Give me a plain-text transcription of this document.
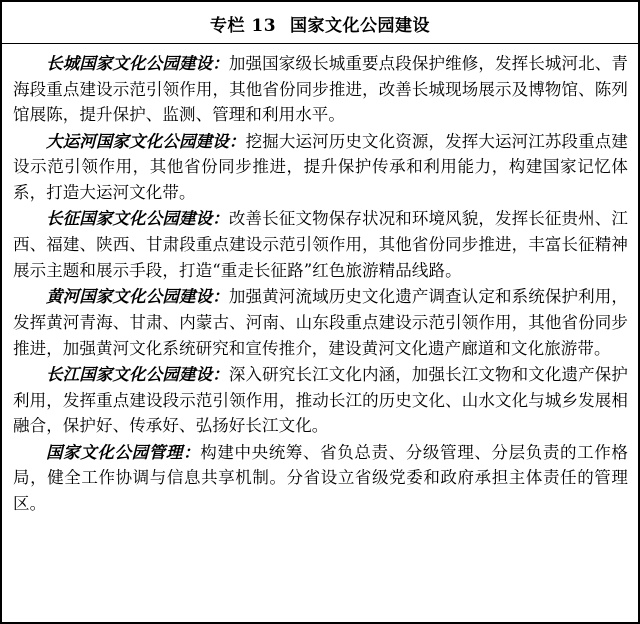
专栏 13 国家文化公园建设

长城国家文化公园建设：加强国家级长城重要点段保护维修，发挥长城河北、青海段重点建设示范引领作用，其他省份同步推进，改善长城现场展示及博物馆、陈列馆展陈，提升保护、监测、管理和利用水平。

大运河国家文化公园建设：挖掘大运河历史文化资源，发挥大运河江苏段重点建设示范引领作用，其他省份同步推进，提升保护传承和利用能力，构建国家记忆体系，打造大运河文化带。

长征国家文化公园建设：改善长征文物保存状况和环境风貌，发挥长征贵州、江西、福建、陕西、甘肃段重点建设示范引领作用，其他省份同步推进，丰富长征精神展示主题和展示手段，打造“重走长征路”红色旅游精品线路。

黄河国家文化公园建设：加强黄河流域历史文化遗产调查认定和系统保护利用，发挥黄河青海、甘肃、内蒙古、河南、山东段重点建设示范引领作用，其他省份同步推进，加强黄河文化系统研究和宣传推介，建设黄河文化遗产廊道和文化旅游带。

长江国家文化公园建设：深入研究长江文化内涵，加强长江文物和文化遗产保护利用，发挥重点建设段示范引领作用，推动长江的历史文化、山水文化与城乡发展相融合，保护好、传承好、弘扬好长江文化。

国家文化公园管理：构建中央统筹、省负总责、分级管理、分层负责的工作格局，健全工作协调与信息共享机制。分省设立省级党委和政府承担主体责任的管理区。
